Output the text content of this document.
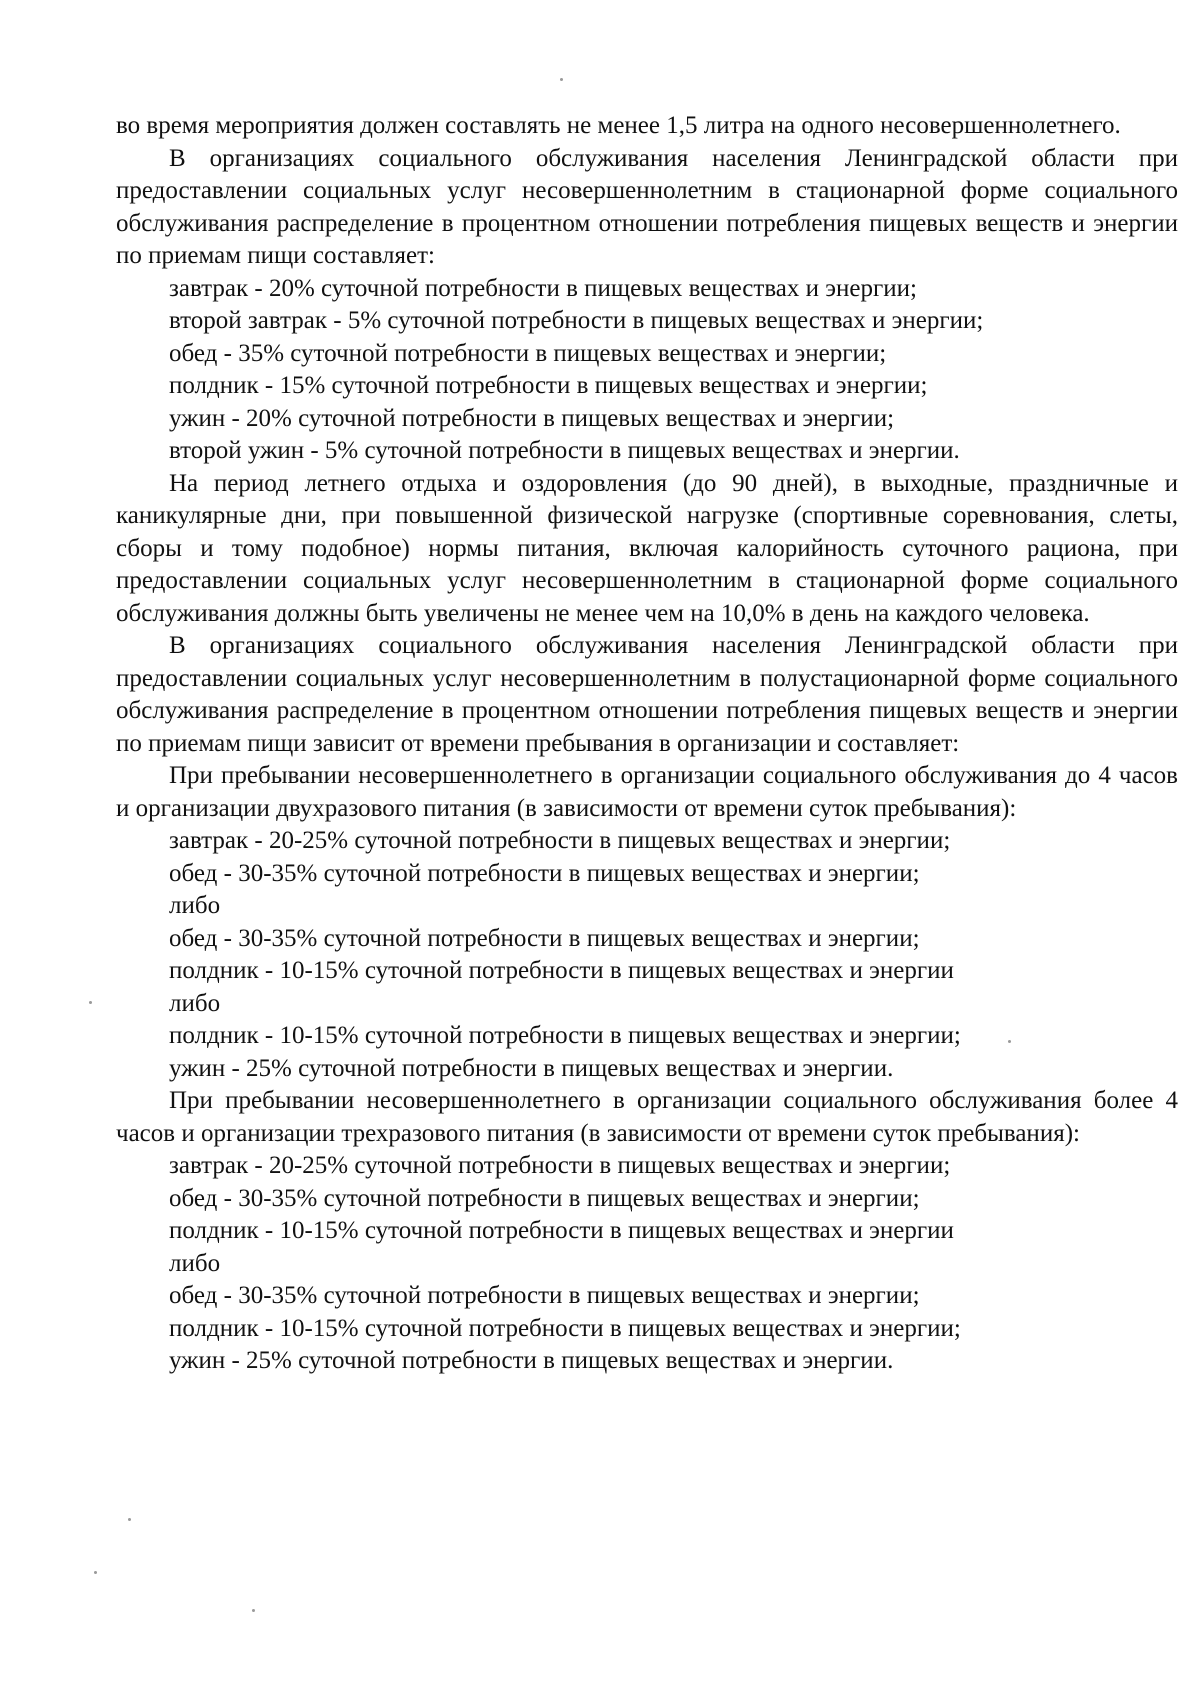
во время мероприятия должен составлять не менее 1,5 литра на одного несовершеннолетнего.

В организациях социального обслуживания населения Ленинградской области при предоставлении социальных услуг несовершеннолетним в стационарной форме социального обслуживания распределение в процентном отношении потребления пищевых веществ и энергии по приемам пищи составляет:

завтрак - 20% суточной потребности в пищевых веществах и энергии;

второй завтрак - 5% суточной потребности в пищевых веществах и энергии;

обед - 35% суточной потребности в пищевых веществах и энергии;

полдник - 15% суточной потребности в пищевых веществах и энергии;

ужин - 20% суточной потребности в пищевых веществах и энергии;

второй ужин - 5% суточной потребности в пищевых веществах и энергии.

На период летнего отдыха и оздоровления (до 90 дней), в выходные, праздничные и каникулярные дни, при повышенной физической нагрузке (спортивные соревнования, слеты, сборы и тому подобное) нормы питания, включая калорийность суточного рациона, при предоставлении социальных услуг несовершеннолетним в стационарной форме социального обслуживания должны быть увеличены не менее чем на 10,0% в день на каждого человека.

В организациях социального обслуживания населения Ленинградской области при предоставлении социальных услуг несовершеннолетним в полустационарной форме социального обслуживания распределение в процентном отношении потребления пищевых веществ и энергии по приемам пищи зависит от времени пребывания в организации и составляет:

При пребывании несовершеннолетнего в организации социального обслуживания до 4 часов и организации двухразового питания (в зависимости от времени суток пребывания):

завтрак - 20-25% суточной потребности в пищевых веществах и энергии;

обед - 30-35% суточной потребности в пищевых веществах и энергии;

либо

обед - 30-35% суточной потребности в пищевых веществах и энергии;

полдник - 10-15% суточной потребности в пищевых веществах и энергии

либо

полдник - 10-15% суточной потребности в пищевых веществах и энергии;

ужин - 25% суточной потребности в пищевых веществах и энергии.

При пребывании несовершеннолетнего в организации социального обслуживания более 4 часов и организации трехразового питания (в зависимости от времени суток пребывания):

завтрак - 20-25% суточной потребности в пищевых веществах и энергии;

обед - 30-35% суточной потребности в пищевых веществах и энергии;

полдник - 10-15% суточной потребности в пищевых веществах и энергии

либо

обед - 30-35% суточной потребности в пищевых веществах и энергии;

полдник - 10-15% суточной потребности в пищевых веществах и энергии;

ужин - 25% суточной потребности в пищевых веществах и энергии.
